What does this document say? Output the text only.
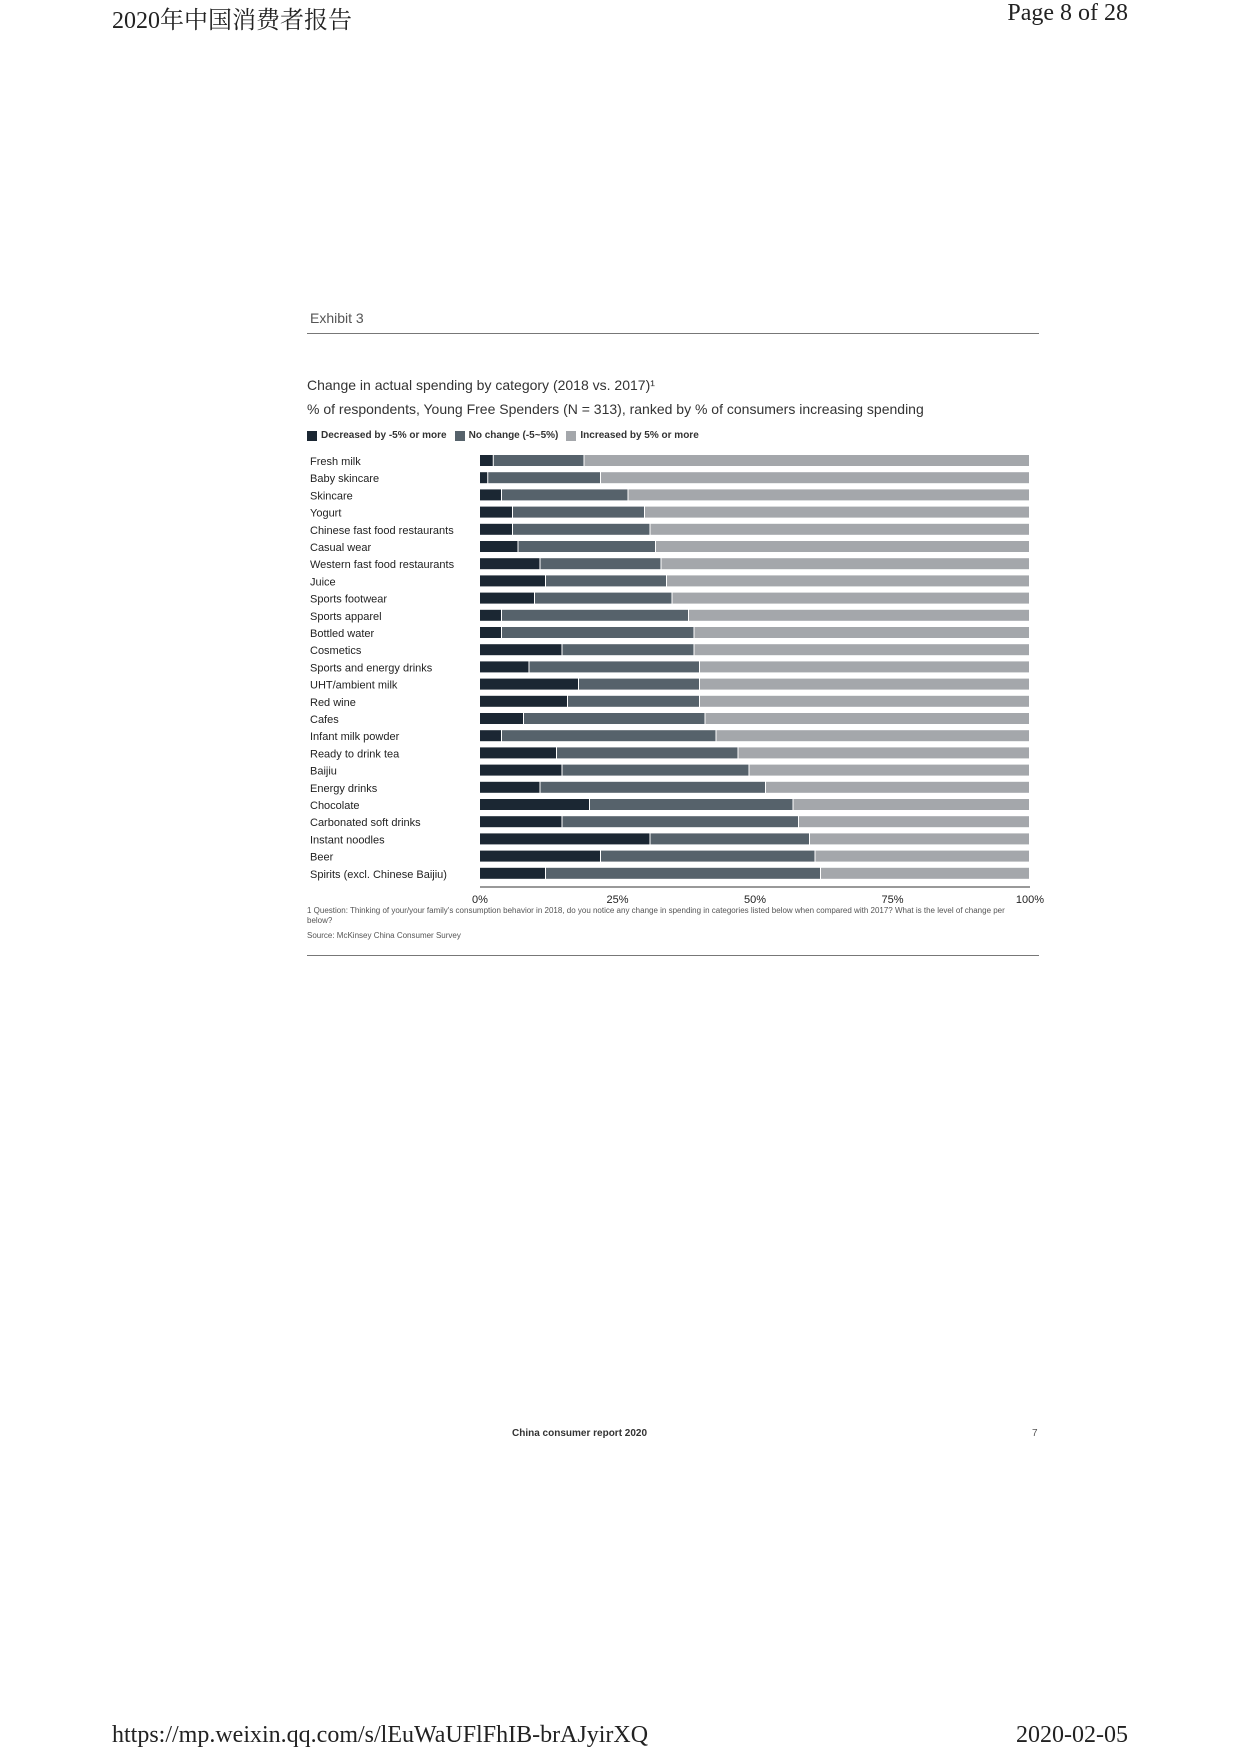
2020年中国消费者报告	Page 8 of 28
Exhibit 3
Change in actual spending by category (2018 vs. 2017)¹
% of respondents, Young Free Spenders (N = 313), ranked by % of consumers increasing spending
Decreased by -5% or more No change (-5~5%) Increased by 5% or more
Fresh milk
Baby skincare
Skincare
Yogurt
Chinese fast food restaurants
Casual wear
Western fast food restaurants
Juice
Sports footwear
Sports apparel
Bottled water
Cosmetics
Sports and energy drinks
UHT/ambient milk
Red wine
Cafes
Infant milk powder
Ready to drink tea
Baijiu
Energy drinks
Chocolate
Carbonated soft drinks
Instant noodles
Beer
Spirits (excl. Chinese Baijiu)
0%	25%	50%	75%	100%
1 Question: Thinking of your/your family's consumption behavior in 2018, do you notice any change in spending in categories listed below when compared with 2017? What is the level of change per below?
Source: McKinsey China Consumer Survey
China consumer report 2020	7
https://mp.weixin.qq.com/s/lEuWaUFlFhIB-brAJyirXQ	2020-02-05
